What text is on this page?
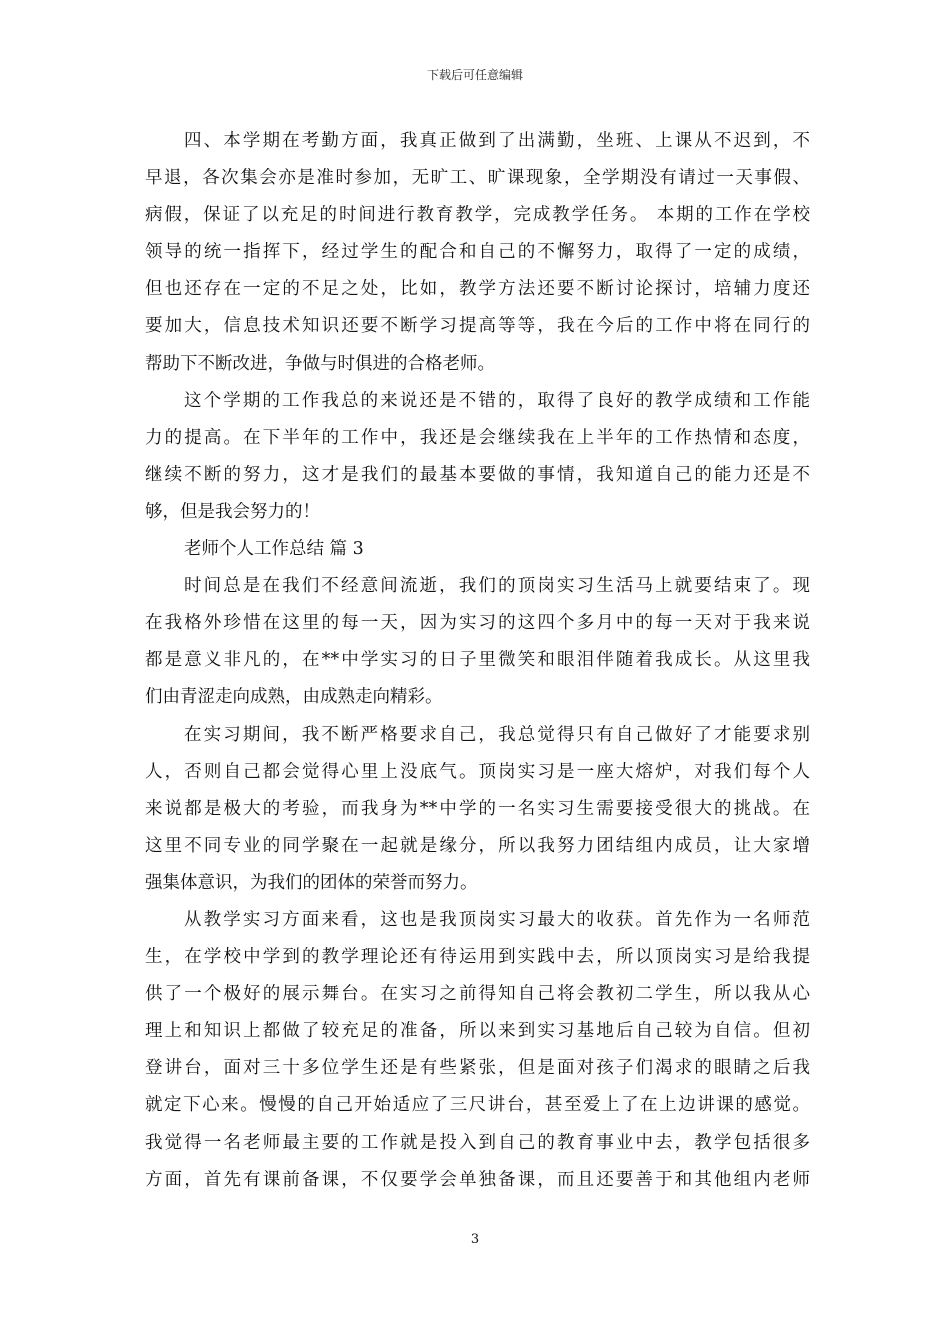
下载后可任意编辑
四、本学期在考勤方面，我真正做到了出满勤，坐班、上课从不迟到，不
早退，各次集会亦是准时参加，无旷工、旷课现象，全学期没有请过一天事假、
病假，保证了以充足的时间进行教育教学，完成教学任务。 本期的工作在学校
领导的统一指挥下，经过学生的配合和自己的不懈努力，取得了一定的成绩，
但也还存在一定的不足之处，比如，教学方法还要不断讨论探讨，培辅力度还
要加大，信息技术知识还要不断学习提高等等，我在今后的工作中将在同行的
帮助下不断改进，争做与时俱进的合格老师。
这个学期的工作我总的来说还是不错的，取得了良好的教学成绩和工作能
力的提高。在下半年的工作中，我还是会继续我在上半年的工作热情和态度，
继续不断的努力，这才是我们的最基本要做的事情，我知道自己的能力还是不
够，但是我会努力的！
老师个人工作总结 篇 3
时间总是在我们不经意间流逝，我们的顶岗实习生活马上就要结束了。现
在我格外珍惜在这里的每一天，因为实习的这四个多月中的每一天对于我来说
都是意义非凡的，在**中学实习的日子里微笑和眼泪伴随着我成长。从这里我
们由青涩走向成熟，由成熟走向精彩。
在实习期间，我不断严格要求自己，我总觉得只有自己做好了才能要求别
人，否则自己都会觉得心里上没底气。顶岗实习是一座大熔炉，对我们每个人
来说都是极大的考验，而我身为**中学的一名实习生需要接受很大的挑战。在
这里不同专业的同学聚在一起就是缘分，所以我努力团结组内成员，让大家增
强集体意识，为我们的团体的荣誉而努力。
从教学实习方面来看，这也是我顶岗实习最大的收获。首先作为一名师范
生，在学校中学到的教学理论还有待运用到实践中去，所以顶岗实习是给我提
供了一个极好的展示舞台。在实习之前得知自己将会教初二学生，所以我从心
理上和知识上都做了较充足的准备，所以来到实习基地后自己较为自信。但初
登讲台，面对三十多位学生还是有些紧张，但是面对孩子们渴求的眼睛之后我
就定下心来。慢慢的自己开始适应了三尺讲台，甚至爱上了在上边讲课的感觉。
我觉得一名老师最主要的工作就是投入到自己的教育事业中去，教学包括很多
方面，首先有课前备课，不仅要学会单独备课，而且还要善于和其他组内老师
3
